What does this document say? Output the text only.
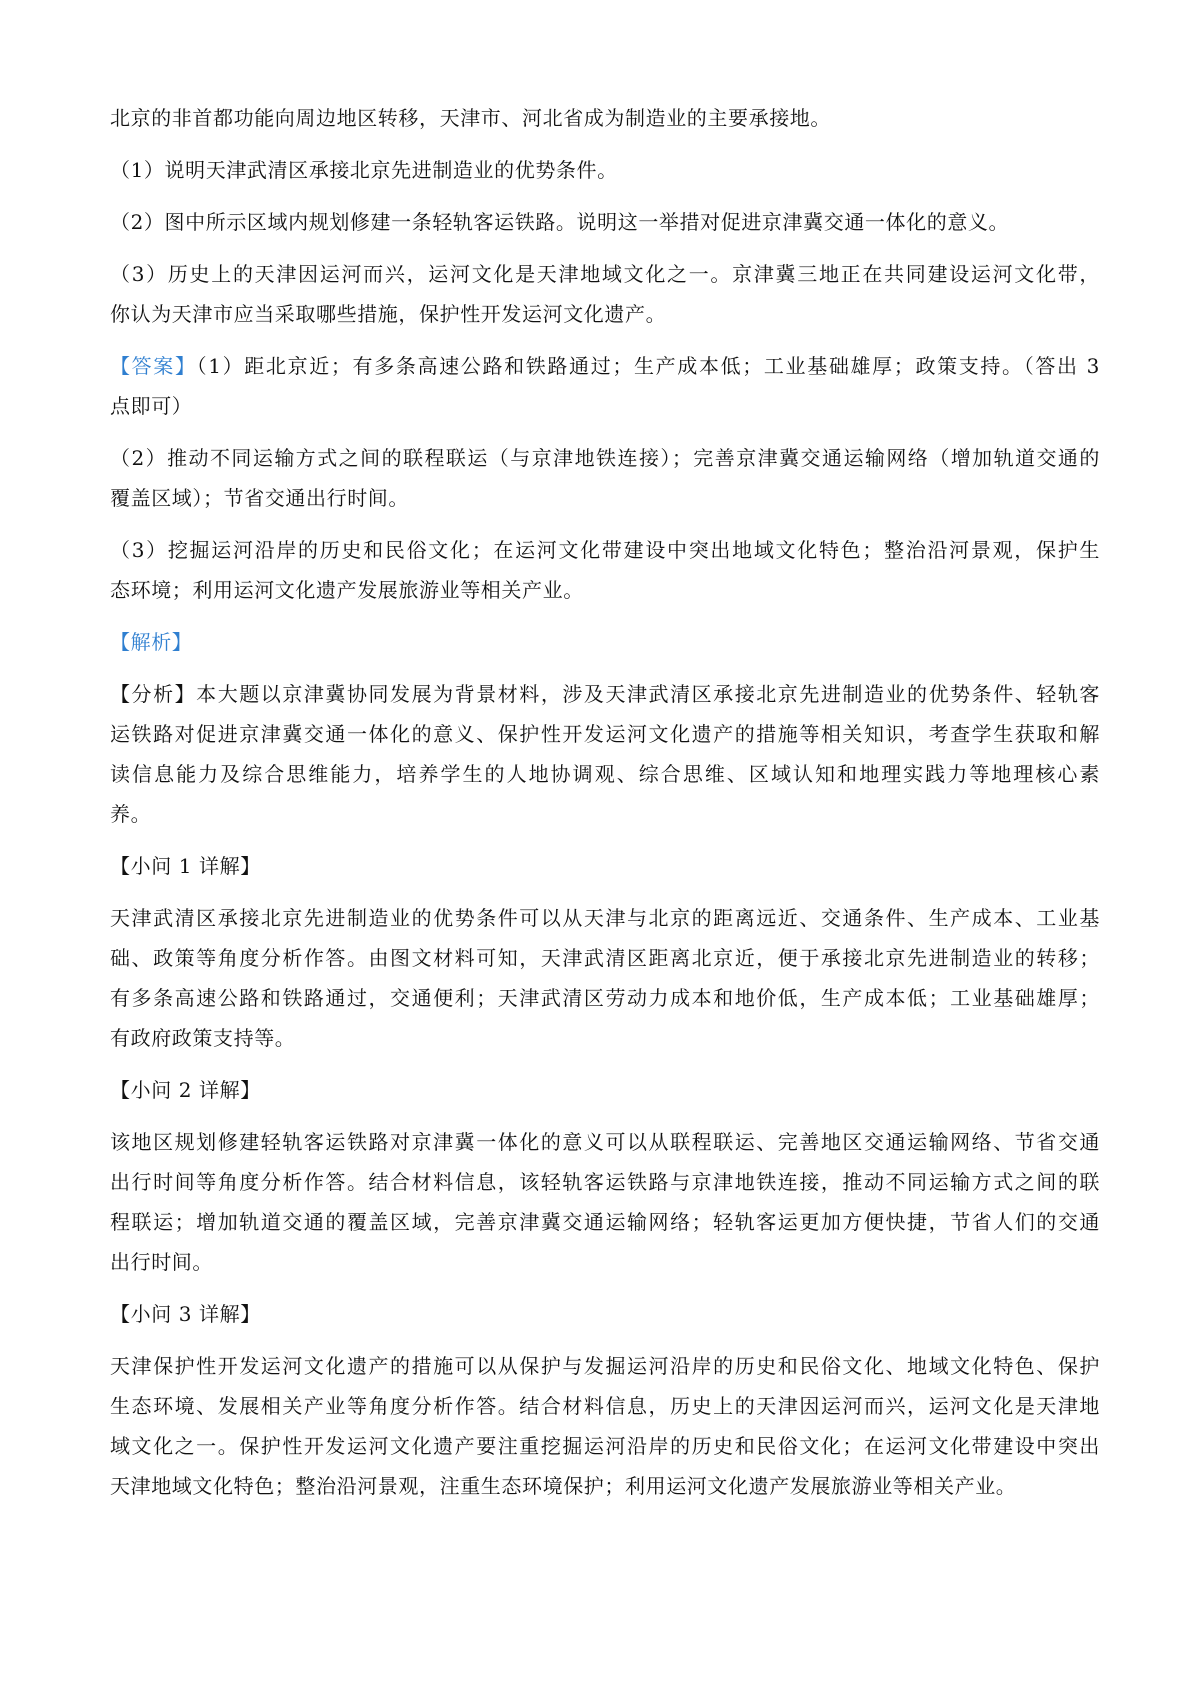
北京的非首都功能向周边地区转移，天津市、河北省成为制造业的主要承接地。
（1）说明天津武清区承接北京先进制造业的优势条件。
（2）图中所示区域内规划修建一条轻轨客运铁路。说明这一举措对促进京津冀交通一体化的意义。
（3）历史上的天津因运河而兴，运河文化是天津地域文化之一。京津冀三地正在共同建设运河文化带，
你认为天津市应当采取哪些措施，保护性开发运河文化遗产。
【答案】（1）距北京近；有多条高速公路和铁路通过；生产成本低；工业基础雄厚；政策支持。（答出 3
点即可）
（2）推动不同运输方式之间的联程联运（与京津地铁连接）；完善京津冀交通运输网络（增加轨道交通的
覆盖区域）；节省交通出行时间。
（3）挖掘运河沿岸的历史和民俗文化；在运河文化带建设中突出地域文化特色；整治沿河景观，保护生
态环境；利用运河文化遗产发展旅游业等相关产业。
【解析】
【分析】本大题以京津冀协同发展为背景材料，涉及天津武清区承接北京先进制造业的优势条件、轻轨客
运铁路对促进京津冀交通一体化的意义、保护性开发运河文化遗产的措施等相关知识，考查学生获取和解
读信息能力及综合思维能力，培养学生的人地协调观、综合思维、区域认知和地理实践力等地理核心素
养。
【小问 1 详解】
天津武清区承接北京先进制造业的优势条件可以从天津与北京的距离远近、交通条件、生产成本、工业基
础、政策等角度分析作答。由图文材料可知，天津武清区距离北京近，便于承接北京先进制造业的转移；
有多条高速公路和铁路通过，交通便利；天津武清区劳动力成本和地价低，生产成本低；工业基础雄厚；
有政府政策支持等。
【小问 2 详解】
该地区规划修建轻轨客运铁路对京津冀一体化的意义可以从联程联运、完善地区交通运输网络、节省交通
出行时间等角度分析作答。结合材料信息，该轻轨客运铁路与京津地铁连接，推动不同运输方式之间的联
程联运；增加轨道交通的覆盖区域，完善京津冀交通运输网络；轻轨客运更加方便快捷，节省人们的交通
出行时间。
【小问 3 详解】
天津保护性开发运河文化遗产的措施可以从保护与发掘运河沿岸的历史和民俗文化、地域文化特色、保护
生态环境、发展相关产业等角度分析作答。结合材料信息，历史上的天津因运河而兴，运河文化是天津地
域文化之一。保护性开发运河文化遗产要注重挖掘运河沿岸的历史和民俗文化；在运河文化带建设中突出
天津地域文化特色；整治沿河景观，注重生态环境保护；利用运河文化遗产发展旅游业等相关产业。
